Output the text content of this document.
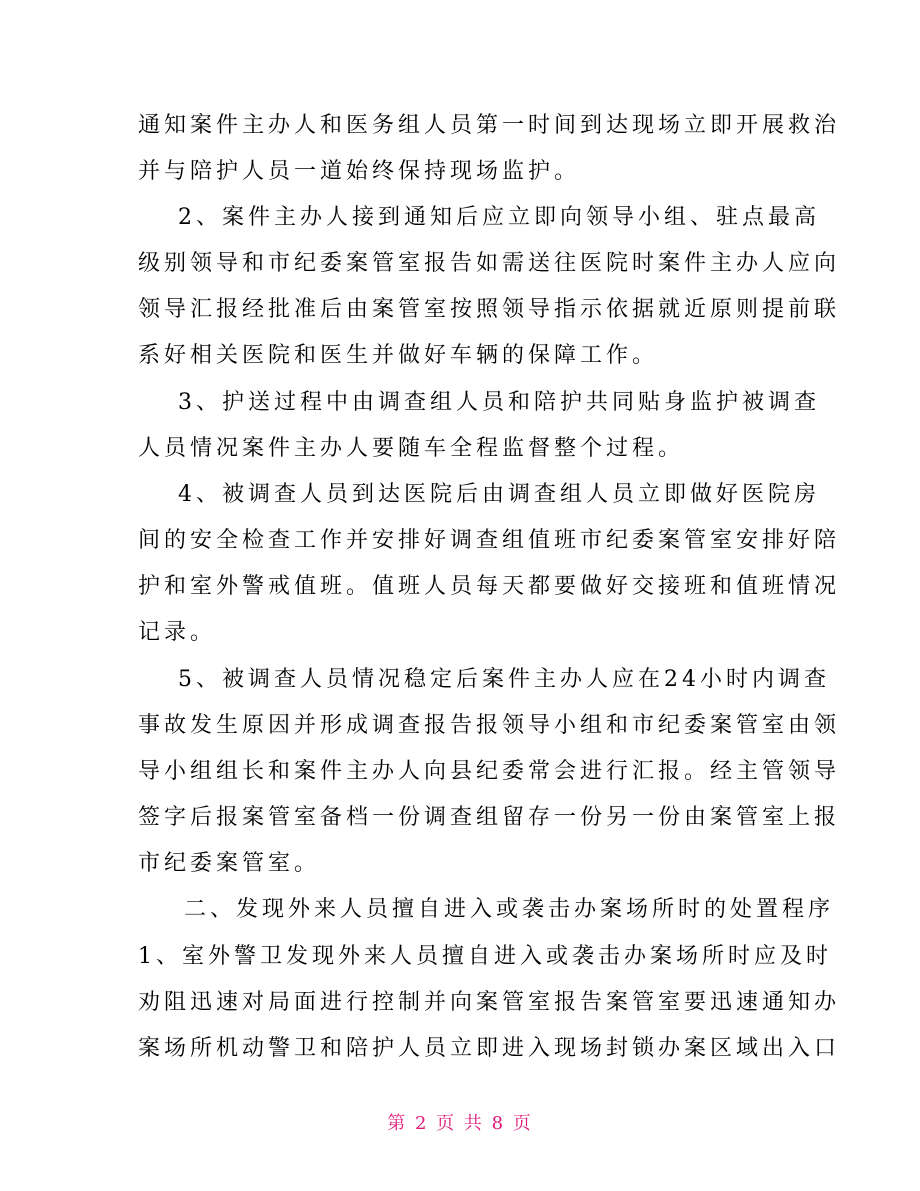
通知案件主办人和医务组人员第一时间到达现场立即开展救治
并与陪护人员一道始终保持现场监护。
2、案件主办人接到通知后应立即向领导小组、驻点最高
级别领导和市纪委案管室报告如需送往医院时案件主办人应向
领导汇报经批准后由案管室按照领导指示依据就近原则提前联
系好相关医院和医生并做好车辆的保障工作。
3、护送过程中由调查组人员和陪护共同贴身监护被调查
人员情况案件主办人要随车全程监督整个过程。
4、被调查人员到达医院后由调查组人员立即做好医院房
间的安全检查工作并安排好调查组值班市纪委案管室安排好陪
护和室外警戒值班。值班人员每天都要做好交接班和值班情况
记录。
5、被调查人员情况稳定后案件主办人应在24小时内调查
事故发生原因并形成调查报告报领导小组和市纪委案管室由领
导小组组长和案件主办人向县纪委常会进行汇报。经主管领导
签字后报案管室备档一份调查组留存一份另一份由案管室上报
市纪委案管室。
二、发现外来人员擅自进入或袭击办案场所时的处置程序
1、室外警卫发现外来人员擅自进入或袭击办案场所时应及时
劝阻迅速对局面进行控制并向案管室报告案管室要迅速通知办
案场所机动警卫和陪护人员立即进入现场封锁办案区域出入口
第 2 页 共 8 页
